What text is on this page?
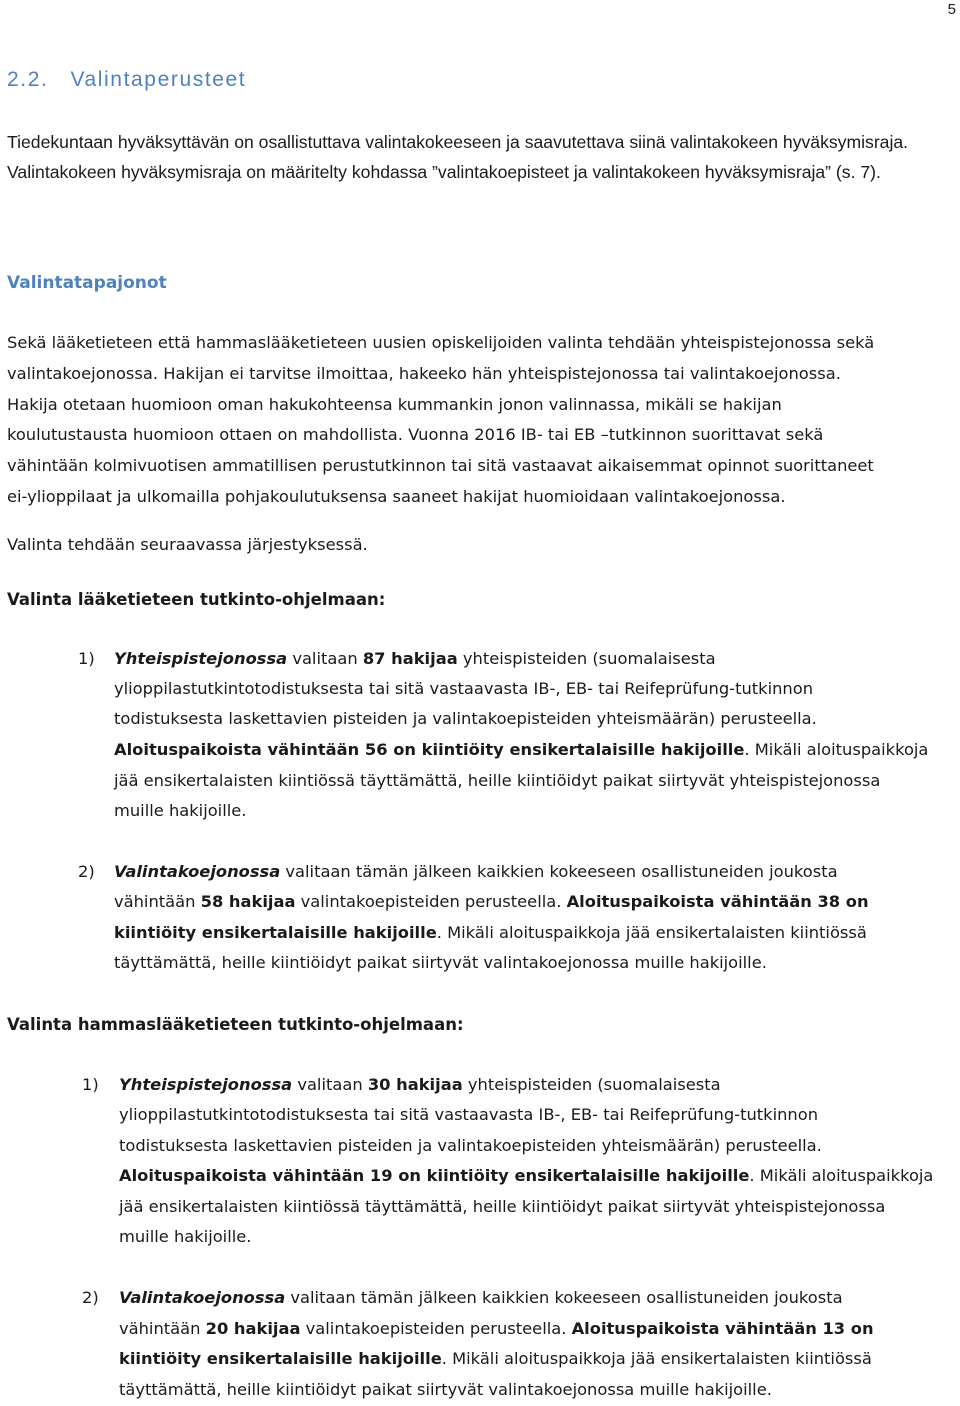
5
2.2. Valintaperusteet

Tiedekuntaan hyväksyttävän on osallistuttava valintakokeeseen ja saavutettava siinä valintakokeen hyväksymisraja. Valintakokeen hyväksymisraja on määritelty kohdassa ”valintakoepisteet ja valintakokeen hyväksymisraja” (s. 7).

Valintatapajonot
Sekä lääketieteen että hammaslääketieteen uusien opiskelijoiden valinta tehdään yhteispistejonossa sekä
valintakoejonossa. Hakijan ei tarvitse ilmoittaa, hakeeko hän yhteispistejonossa tai valintakoejonossa.
Hakija otetaan huomioon oman hakukohteensa kummankin jonon valinnassa, mikäli se hakijan
koulutustausta huomioon ottaen on mahdollista. Vuonna 2016 IB- tai EB –tutkinnon suorittavat sekä
vähintään kolmivuotisen ammatillisen perustutkinnon tai sitä vastaavat aikaisemmat opinnot suorittaneet
ei-ylioppilaat ja ulkomailla pohjakoulutuksensa saaneet hakijat huomioidaan valintakoejonossa.
Valinta tehdään seuraavassa järjestyksessä.
Valinta lääketieteen tutkinto-ohjelmaan:
1) Yhteispistejonossa valitaan 87 hakijaa yhteispisteiden (suomalaisesta
ylioppilastutkintotodistuksesta tai sitä vastaavasta IB-, EB- tai Reifeprüfung-tutkinnon
todistuksesta laskettavien pisteiden ja valintakoepisteiden yhteismäärän) perusteella.
Aloituspaikoista vähintään 56 on kiintiöity ensikertalaisille hakijoille. Mikäli aloituspaikkoja
jää ensikertalaisten kiintiössä täyttämättä, heille kiintiöidyt paikat siirtyvät yhteispistejonossa
muille hakijoille.
2) Valintakoejonossa valitaan tämän jälkeen kaikkien kokeeseen osallistuneiden joukosta
vähintään 58 hakijaa valintakoepisteiden perusteella. Aloituspaikoista vähintään 38 on
kiintiöity ensikertalaisille hakijoille. Mikäli aloituspaikkoja jää ensikertalaisten kiintiössä
täyttämättä, heille kiintiöidyt paikat siirtyvät valintakoejonossa muille hakijoille.
Valinta hammaslääketieteen tutkinto-ohjelmaan:
1) Yhteispistejonossa valitaan 30 hakijaa yhteispisteiden (suomalaisesta
ylioppilastutkintotodistuksesta tai sitä vastaavasta IB-, EB- tai Reifeprüfung-tutkinnon
todistuksesta laskettavien pisteiden ja valintakoepisteiden yhteismäärän) perusteella.
Aloituspaikoista vähintään 19 on kiintiöity ensikertalaisille hakijoille. Mikäli aloituspaikkoja
jää ensikertalaisten kiintiössä täyttämättä, heille kiintiöidyt paikat siirtyvät yhteispistejonossa
muille hakijoille.
2) Valintakoejonossa valitaan tämän jälkeen kaikkien kokeeseen osallistuneiden joukosta
vähintään 20 hakijaa valintakoepisteiden perusteella. Aloituspaikoista vähintään 13 on
kiintiöity ensikertalaisille hakijoille. Mikäli aloituspaikkoja jää ensikertalaisten kiintiössä
täyttämättä, heille kiintiöidyt paikat siirtyvät valintakoejonossa muille hakijoille.
